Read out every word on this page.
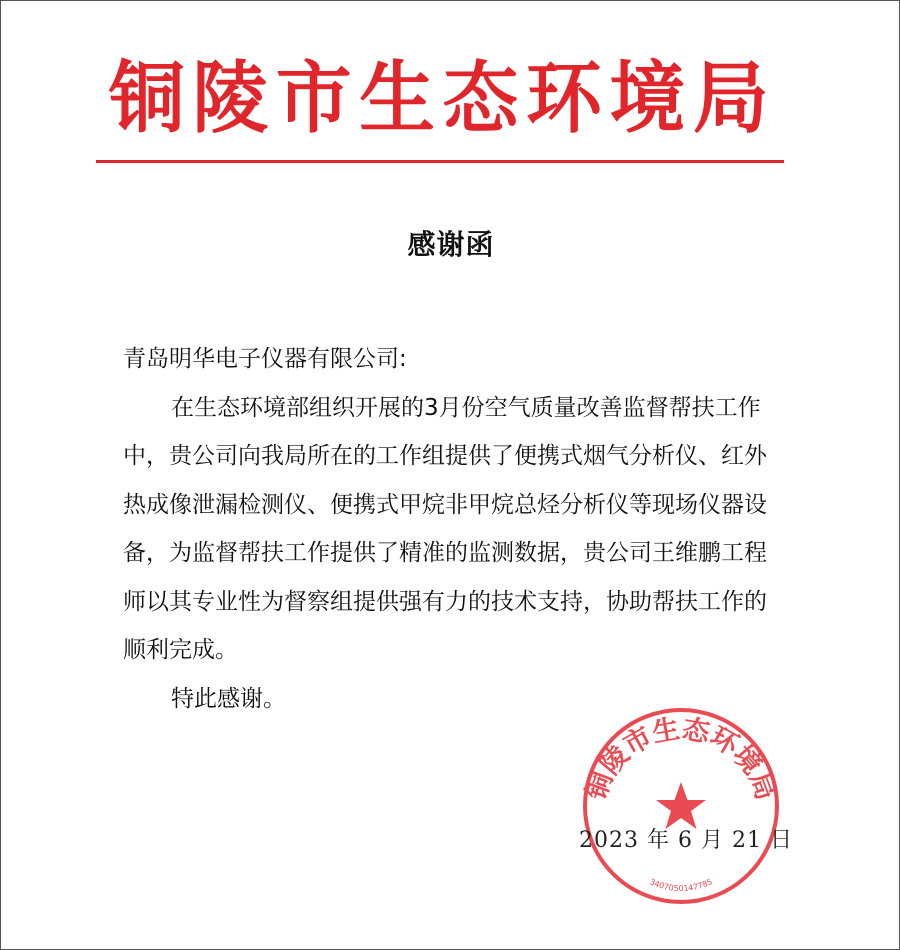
铜陵市生态环境局
感谢函

青岛明华电子仪器有限公司:

在生态环境部组织开展的3月份空气质量改善监督帮扶工作中，贵公司向我局所在的工作组提供了便携式烟气分析仪、红外热成像泄漏检测仪、便携式甲烷非甲烷总烃分析仪等现场仪器设备，为监督帮扶工作提供了精准的监测数据，贵公司王维鹏工程师以其专业性为督察组提供强有力的技术支持，协助帮扶工作的顺利完成。

特此感谢。

铜陵市生态环境局
3407050147785
2023 年 6 月 21 日
